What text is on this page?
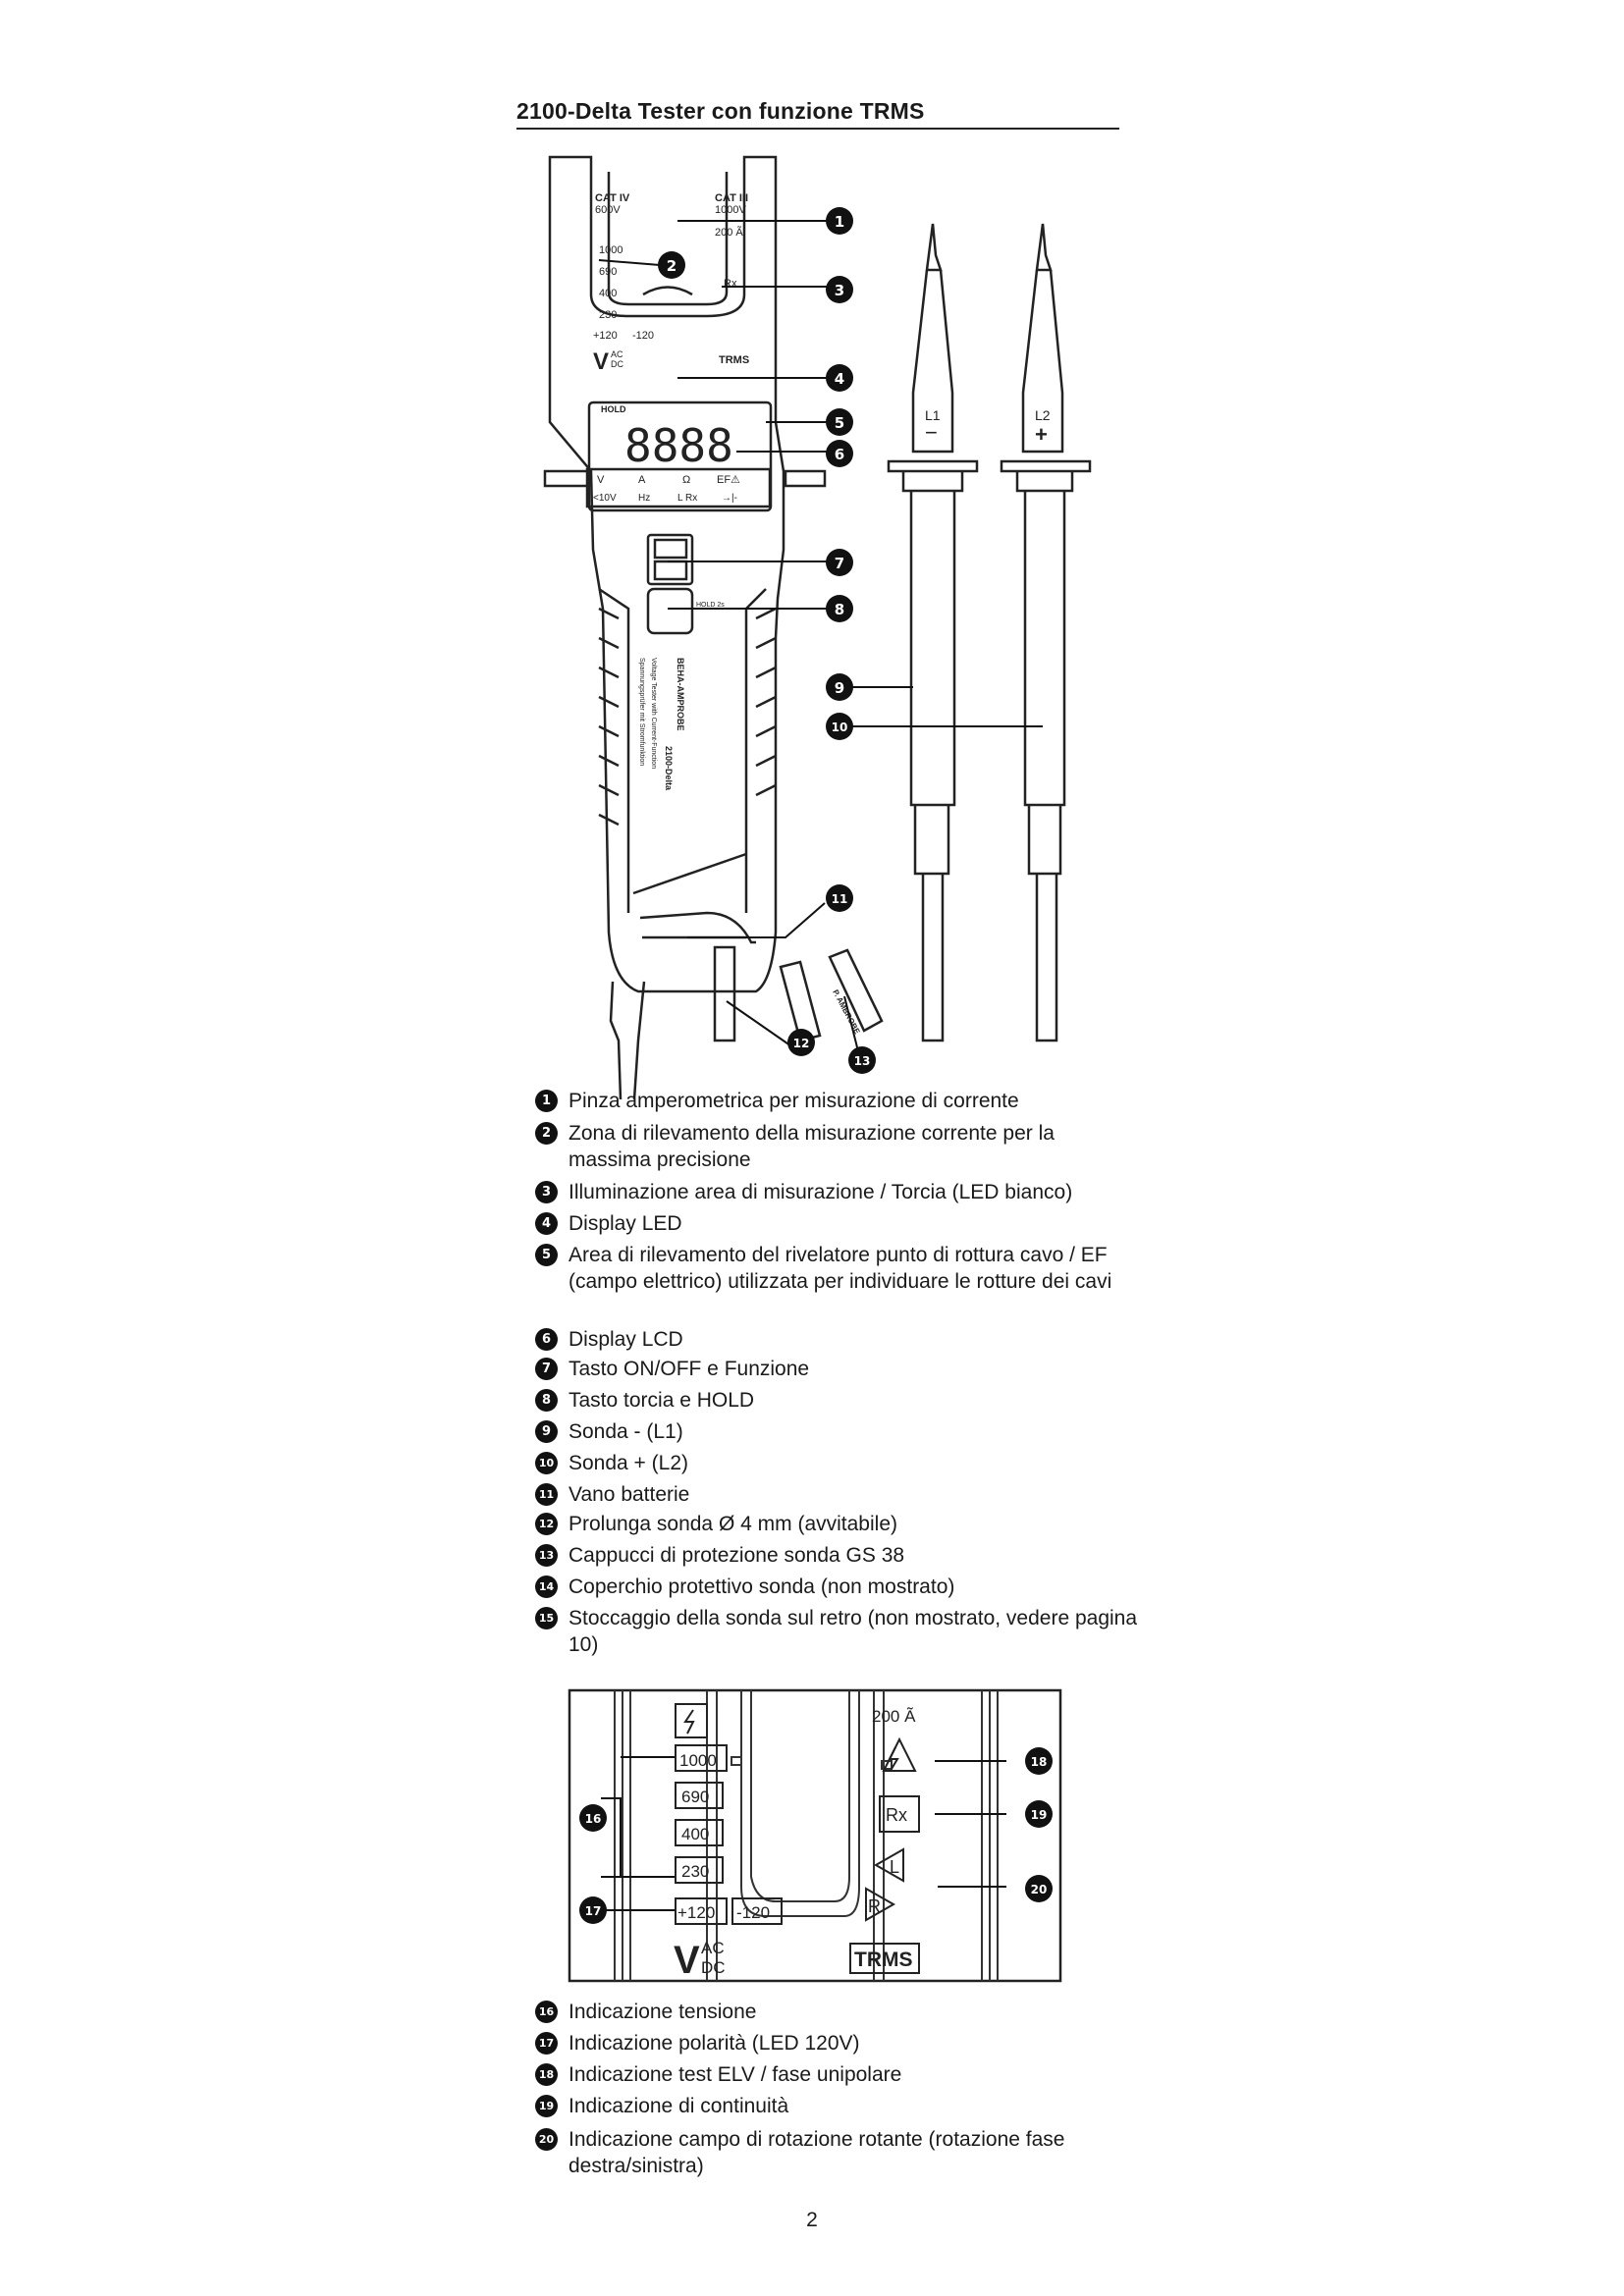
2100-Delta Tester con funzione TRMS
CAT IV
600V
CAT III
1000V
200 Ã
1000
690
400
230
+120 -120
Rx
TRMS
V AC
DC
HOLD
8888
V	A	Ω EF⚠
<10V Hz	L Rx →|-
HOLD 2s
BEHA-AMPROBE
2100-Delta
Voltage Tester with Current-Function
Spannungsprüfer mit Stromfunktion
L1
−
L2
+
P. AMBROBE
1
2
3
4
5
6
7
8
9
10
11
12
13
1 Pinza amperometrica per misurazione di corrente
2 Zona di rilevamento della misurazione corrente per la massima precisione
3 Illuminazione area di misurazione / Torcia (LED bianco)
4 Display LED
5 Area di rilevamento del rivelatore punto di rottura cavo / EF (campo elettrico) utilizzata per individuare le rotture dei cavi
6 Display LCD
7 Tasto ON/OFF e Funzione
8 Tasto torcia e HOLD
9 Sonda - (L1)
10 Sonda + (L2)
11 Vano batterie
12 Prolunga sonda Ø 4 mm (avvitabile)
13 Cappucci di protezione sonda GS 38
14 Coperchio protettivo sonda (non mostrato)
15 Stoccaggio della sonda sul retro (non mostrato, vedere pagina 10)
1000
690
400
230
+120 -120
V AC
DC
200 Ã
Rx
L
R
TRMS
16
17
18
19
20
16 Indicazione tensione
17 Indicazione polarità (LED 120V)
18 Indicazione test ELV / fase unipolare
19 Indicazione di continuità
20 Indicazione campo di rotazione rotante (rotazione fase destra/sinistra)
2
